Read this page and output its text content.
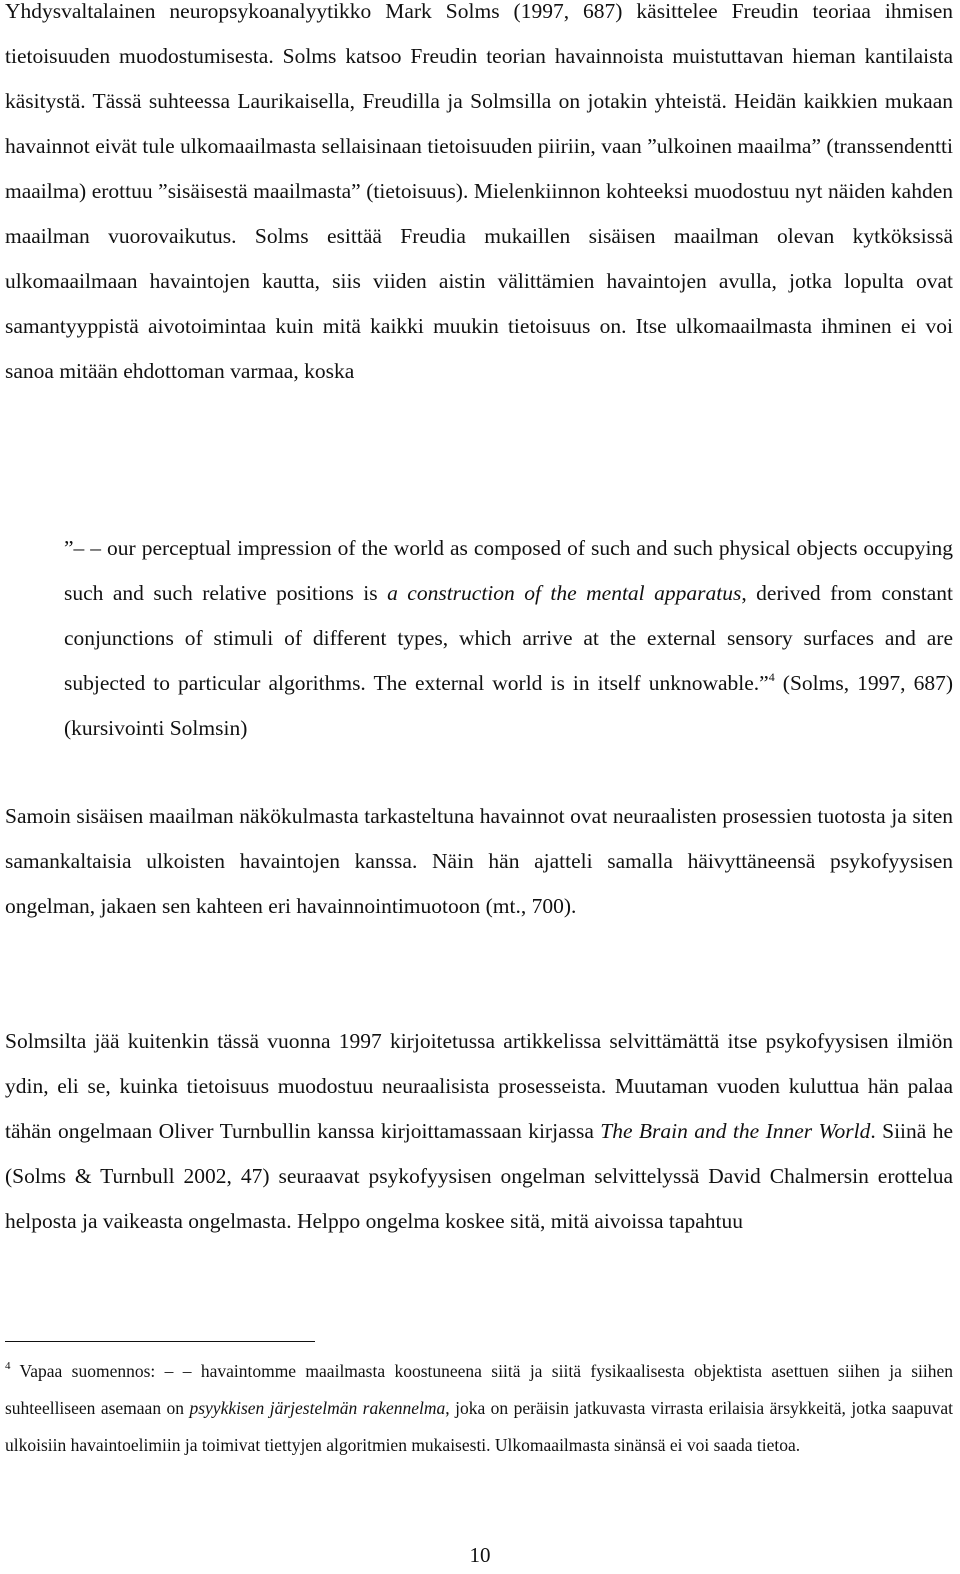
Yhdysvaltalainen neuropsykoanalyytikko Mark Solms (1997, 687) käsittelee Freudin teoriaa ihmisen tietoisuuden muodostumisesta. Solms katsoo Freudin teorian havainnoista muistuttavan hieman kantilaista käsitystä. Tässä suhteessa Laurikaisella, Freudilla ja Solmsilla on jotakin yhteistä. Heidän kaikkien mukaan havainnot eivät tule ulkomaailmasta sellaisinaan tietoisuuden piiriin, vaan ”ulkoinen maailma” (transsendentti maailma) erottuu ”sisäisestä maailmasta” (tietoisuus). Mielenkiinnon kohteeksi muodostuu nyt näiden kahden maailman vuorovaikutus. Solms esittää Freudia mukaillen sisäisen maailman olevan kytköksissä ulkomaailmaan havaintojen kautta, siis viiden aistin välittämien havaintojen avulla, jotka lopulta ovat samantyyppistä aivotoimintaa kuin mitä kaikki muukin tietoisuus on. Itse ulkomaailmasta ihminen ei voi sanoa mitään ehdottoman varmaa, koska

”– – our perceptual impression of the world as composed of such and such physical objects occupying such and such relative positions is a construction of the mental apparatus, derived from constant conjunctions of stimuli of different types, which arrive at the external sensory surfaces and are subjected to particular algorithms. The external world is in itself unknowable.”$^4$ (Solms, 1997, 687) (kursivointi Solmsin)

Samoin sisäisen maailman näkökulmasta tarkasteltuna havainnot ovat neuraalisten prosessien tuotosta ja siten samankaltaisia ulkoisten havaintojen kanssa. Näin hän ajatteli samalla häivyttäneensä psykofyysisen ongelman, jakaen sen kahteen eri havainnointimuotoon (mt., 700).

Solmsilta jää kuitenkin tässä vuonna 1997 kirjoitetussa artikkelissa selvittämättä itse psykofyysisen ilmiön ydin, eli se, kuinka tietoisuus muodostuu neuraalisista prosesseista. Muutaman vuoden kuluttua hän palaa tähän ongelmaan Oliver Turnbullin kanssa kirjoittamassaan kirjassa The Brain and the Inner World. Siinä he (Solms & Turnbull 2002, 47) seuraavat psykofyysisen ongelman selvittelyssä David Chalmersin erottelua helposta ja vaikeasta ongelmasta. Helppo ongelma koskee sitä, mitä aivoissa tapahtuu

$^4$ Vapaa suomennos: – – havaintomme maailmasta koostuneena siitä ja siitä fysikaalisesta objektista asettuen siihen ja siihen suhteelliseen asemaan on psyykkisen järjestelmän rakennelma, joka on peräisin jatkuvasta virrasta erilaisia ärsykkeitä, jotka saapuvat ulkoisiin havaintoelimiin ja toimivat tiettyjen algoritmien mukaisesti. Ulkomaailmasta sinänsä ei voi saada tietoa.

10
